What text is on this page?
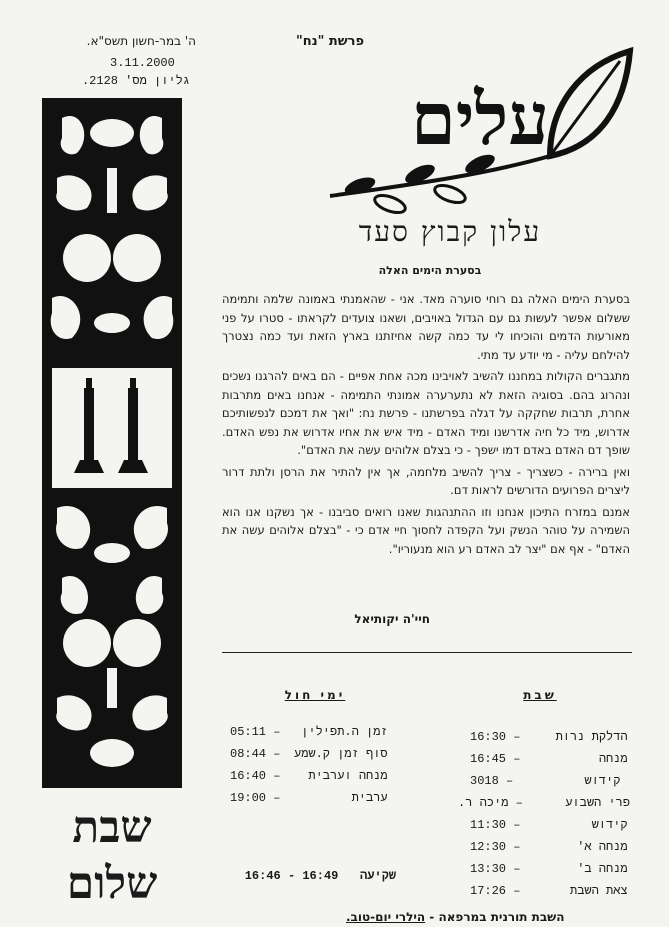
ה' במר-חשון תשס"א.
3.11.2000
גליון מס' 2128.
שבת
שלום
פרשת "נח"
עלים
עלון קבוץ סעד
בסערת הימים האלה

בסערת הימים האלה גם רוחי סוערה מאד. אני - שהאמנתי באמונה שלמה ותמימה ששלום אפשר לעשות גם עם הגדול באויבים, ושאנו צועדים לקראתו - סטרו על פני מאורעות הדמים והוכיחו לי עד כמה קשה אחיזתנו בארץ הזאת ועד כמה נצטרך להילחם עליה - מי יודע עד מתי.

מתגברים הקולות במחננו להשיב לאויבינו מכה אחת אפיים - הם באים להרגנו נשכים ונהרוג בהם. בסוגיה הזאת לא נתערערה אמונתי התמימה - אנחנו באים מתרבות אחרת, תרבות שחקקה על דגלה בפרשתנו - פרשת נח: "ואך את דמכם לנפשותיכם אדרוש, מיד כל חיה אדרשנו ומיד האדם - מיד איש את אחיו אדרוש את נפש האדם. שופך דם האדם באדם דמו ישפך - כי בצלם אלוהים עשה את האדם".

ואין ברירה - כשצריך - צריך להשיב מלחמה, אך אין להתיר את הרסן ולתת דרור ליצרים הפרועים הדורשים לראות דם.

אמנם במזרח התיכון אנחנו וזו ההתנהגות שאנו רואים סביבנו - אך נשקנו אנו הוא השמירה על טוהר הנשק ועל הקפדה לחסוך חיי אדם כי - "בצלם אלוהים עשה את האדם" - אף אם "יצר לב האדם רע הוא מנעוריו".

חיי'ה יקותיאל
ימי חול
זמן ה.תפילין – 05:11
סוף זמן ק.שמע – 08:44
מנחה וערבית – 16:40
ערבית – 19:00
שבת
הדלקת נרות – 16:30
מנחה – 16:45
קידוש – 30ּ18
פרי השבוע – מיכה ר.
קידוש – 11:30
מנחה א' – 12:30
מנחה ב' – 13:30
צאת השבת – 17:26
שקיעה   16:49 - 16:46
השבת תורנית במרפאה - הילרי יום-טוב.
